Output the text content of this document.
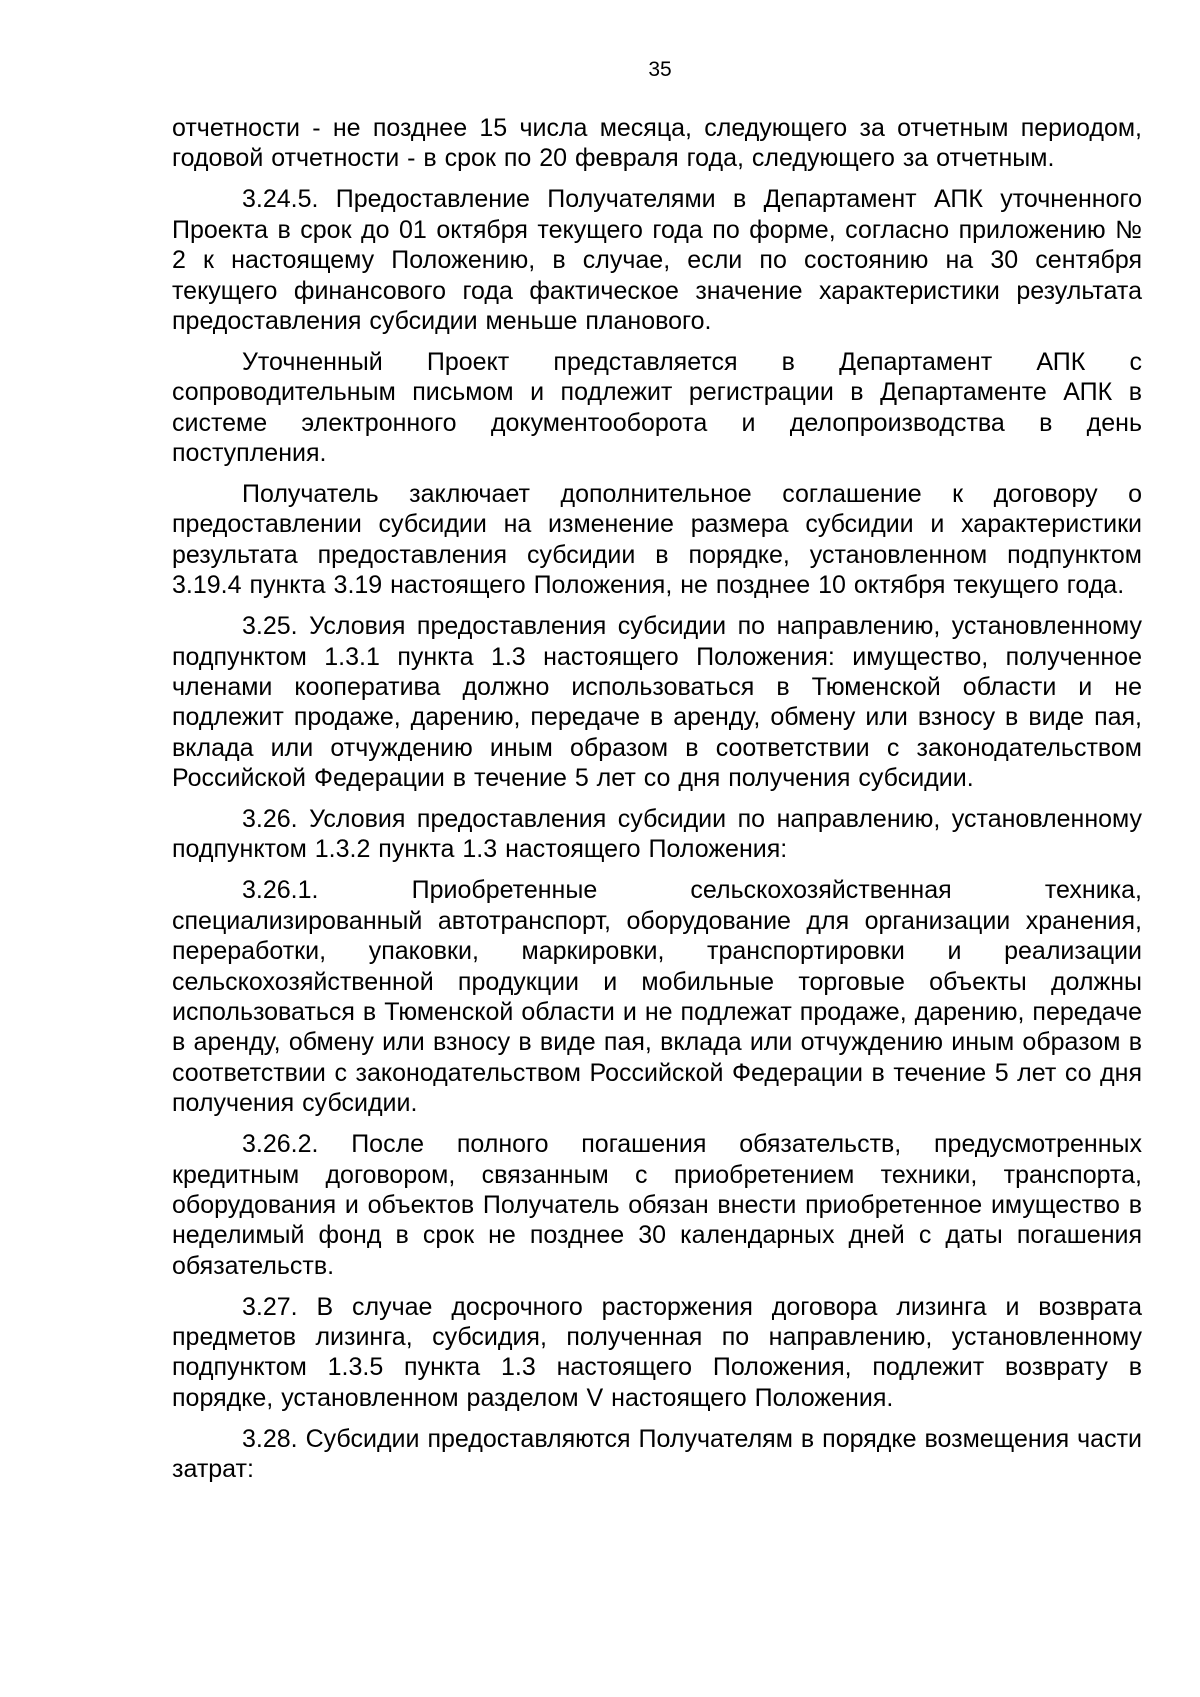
35

отчетности - не позднее 15 числа месяца, следующего за отчетным периодом, годовой отчетности - в срок по 20 февраля года, следующего за отчетным.

3.24.5. Предоставление Получателями в Департамент АПК уточненного Проекта в срок до 01 октября текущего года по форме, согласно приложению № 2 к настоящему Положению, в случае, если по состоянию на 30 сентября текущего финансового года фактическое значение характеристики результата предоставления субсидии меньше планового.

Уточненный Проект представляется в Департамент АПК с сопроводительным письмом и подлежит регистрации в Департаменте АПК в системе электронного документооборота и делопроизводства в день поступления.

Получатель заключает дополнительное соглашение к договору о предоставлении субсидии на изменение размера субсидии и характеристики результата предоставления субсидии в порядке, установленном подпунктом 3.19.4 пункта 3.19 настоящего Положения, не позднее 10 октября текущего года.

3.25. Условия предоставления субсидии по направлению, установленному подпунктом 1.3.1 пункта 1.3 настоящего Положения: имущество, полученное членами кооператива должно использоваться в Тюменской области и не подлежит продаже, дарению, передаче в аренду, обмену или взносу в виде пая, вклада или отчуждению иным образом в соответствии с законодательством Российской Федерации в течение 5 лет со дня получения субсидии.

3.26. Условия предоставления субсидии по направлению, установленному подпунктом 1.3.2 пункта 1.3 настоящего Положения:

3.26.1. Приобретенные сельскохозяйственная техника, специализированный автотранспорт, оборудование для организации хранения, переработки, упаковки, маркировки, транспортировки и реализации сельскохозяйственной продукции и мобильные торговые объекты должны использоваться в Тюменской области и не подлежат продаже, дарению, передаче в аренду, обмену или взносу в виде пая, вклада или отчуждению иным образом в соответствии с законодательством Российской Федерации в течение 5 лет со дня получения субсидии.

3.26.2. После полного погашения обязательств, предусмотренных кредитным договором, связанным с приобретением техники, транспорта, оборудования и объектов Получатель обязан внести приобретенное имущество в неделимый фонд в срок не позднее 30 календарных дней с даты погашения обязательств.

3.27. В случае досрочного расторжения договора лизинга и возврата предметов лизинга, субсидия, полученная по направлению, установленному подпунктом 1.3.5 пункта 1.3 настоящего Положения, подлежит возврату в порядке, установленном разделом V настоящего Положения.

3.28. Субсидии предоставляются Получателям в порядке возмещения части затрат:
